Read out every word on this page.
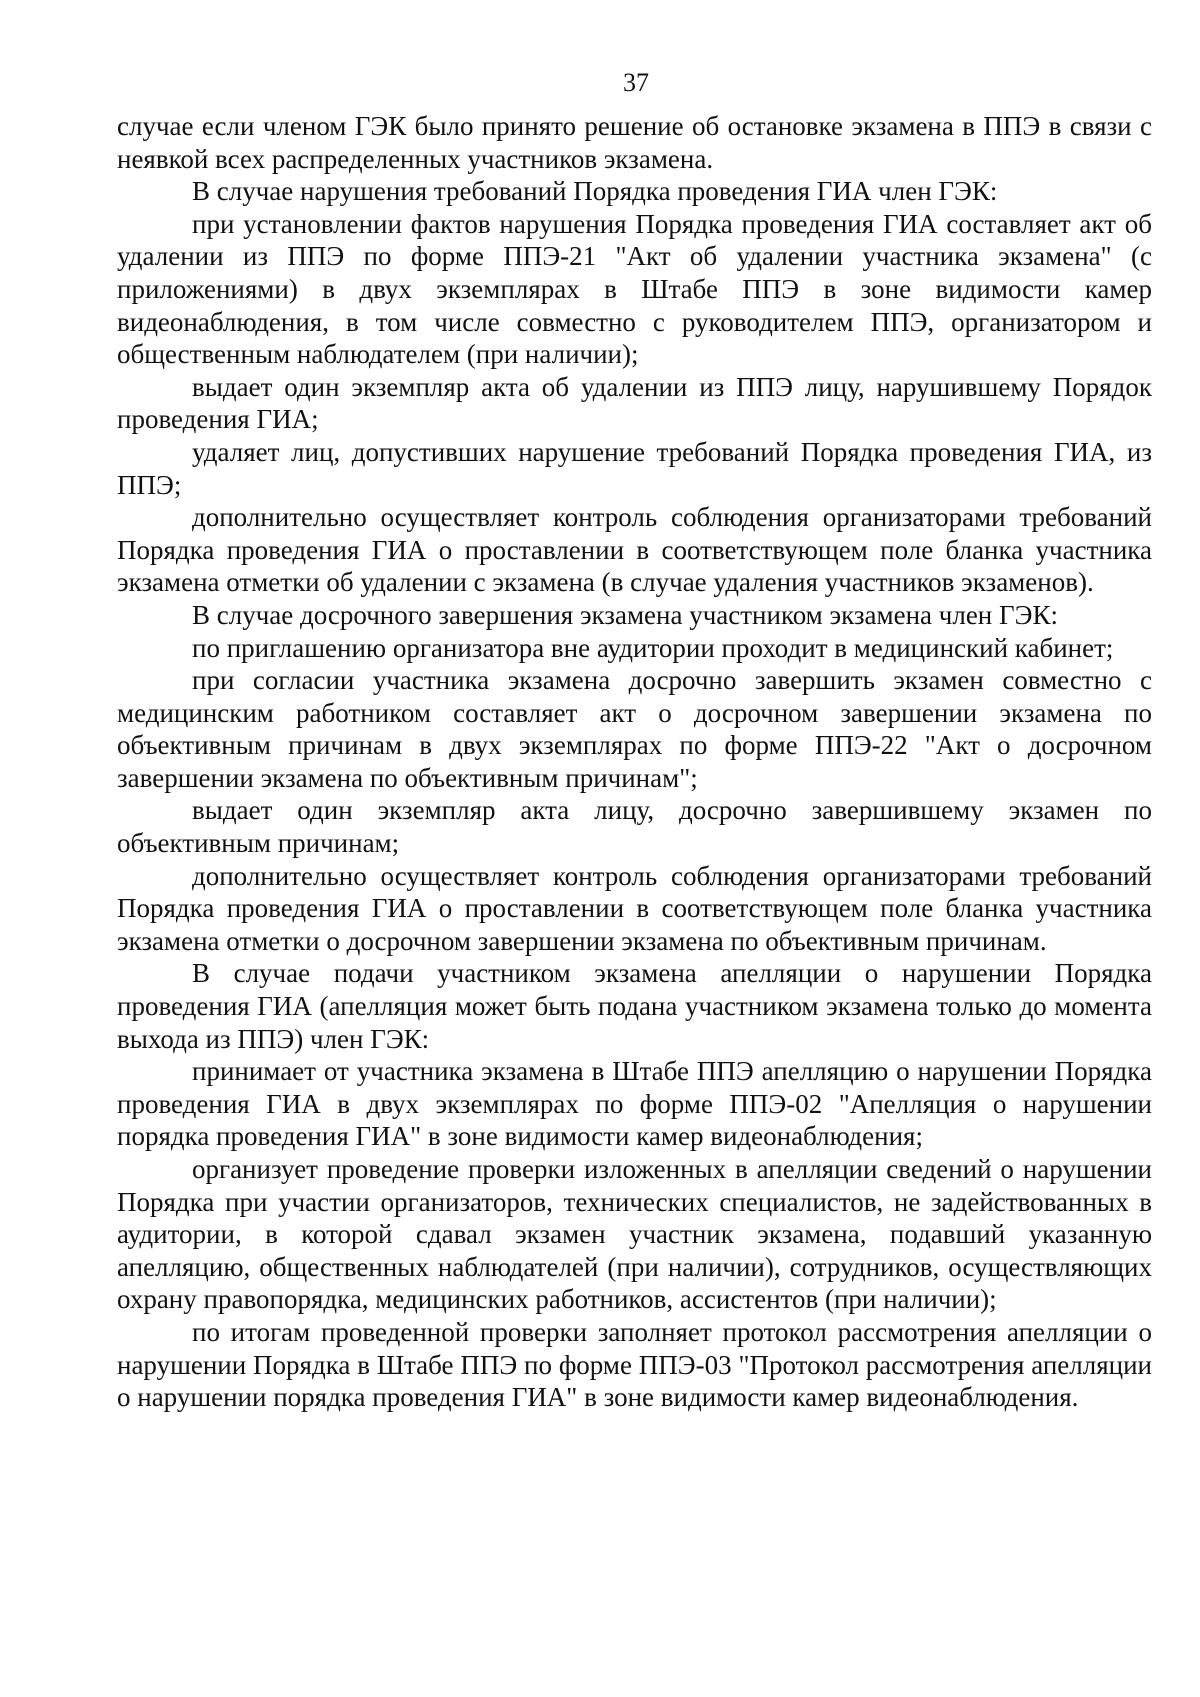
37

случае если членом ГЭК было принято решение об остановке экзамена в ППЭ в связи с неявкой всех распределенных участников экзамена.

В случае нарушения требований Порядка проведения ГИА член ГЭК:

при установлении фактов нарушения Порядка проведения ГИА составляет акт об удалении из ППЭ по форме ППЭ-21 "Акт об удалении участника экзамена" (с приложениями) в двух экземплярах в Штабе ППЭ в зоне видимости камер видеонаблюдения, в том числе совместно с руководителем ППЭ, организатором и общественным наблюдателем (при наличии);

выдает один экземпляр акта об удалении из ППЭ лицу, нарушившему Порядок проведения ГИА;

удаляет лиц, допустивших нарушение требований Порядка проведения ГИА, из ППЭ;

дополнительно осуществляет контроль соблюдения организаторами требований Порядка проведения ГИА о проставлении в соответствующем поле бланка участника экзамена отметки об удалении с экзамена (в случае удаления участников экзаменов).

В случае досрочного завершения экзамена участником экзамена член ГЭК:

по приглашению организатора вне аудитории проходит в медицинский кабинет;

при согласии участника экзамена досрочно завершить экзамен совместно с медицинским работником составляет акт о досрочном завершении экзамена по объективным причинам в двух экземплярах по форме ППЭ-22 "Акт о досрочном завершении экзамена по объективным причинам";

выдает один экземпляр акта лицу, досрочно завершившему экзамен по объективным причинам;

дополнительно осуществляет контроль соблюдения организаторами требований Порядка проведения ГИА о проставлении в соответствующем поле бланка участника экзамена отметки о досрочном завершении экзамена по объективным причинам.

В случае подачи участником экзамена апелляции о нарушении Порядка проведения ГИА (апелляция может быть подана участником экзамена только до момента выхода из ППЭ) член ГЭК:

принимает от участника экзамена в Штабе ППЭ апелляцию о нарушении Порядка проведения ГИА в двух экземплярах по форме ППЭ-02 "Апелляция о нарушении порядка проведения ГИА" в зоне видимости камер видеонаблюдения;

организует проведение проверки изложенных в апелляции сведений о нарушении Порядка при участии организаторов, технических специалистов, не задействованных в аудитории, в которой сдавал экзамен участник экзамена, подавший указанную апелляцию, общественных наблюдателей (при наличии), сотрудников, осуществляющих охрану правопорядка, медицинских работников, ассистентов (при наличии);

по итогам проведенной проверки заполняет протокол рассмотрения апелляции о нарушении Порядка в Штабе ППЭ по форме ППЭ-03 "Протокол рассмотрения апелляции о нарушении порядка проведения ГИА" в зоне видимости камер видеонаблюдения.
